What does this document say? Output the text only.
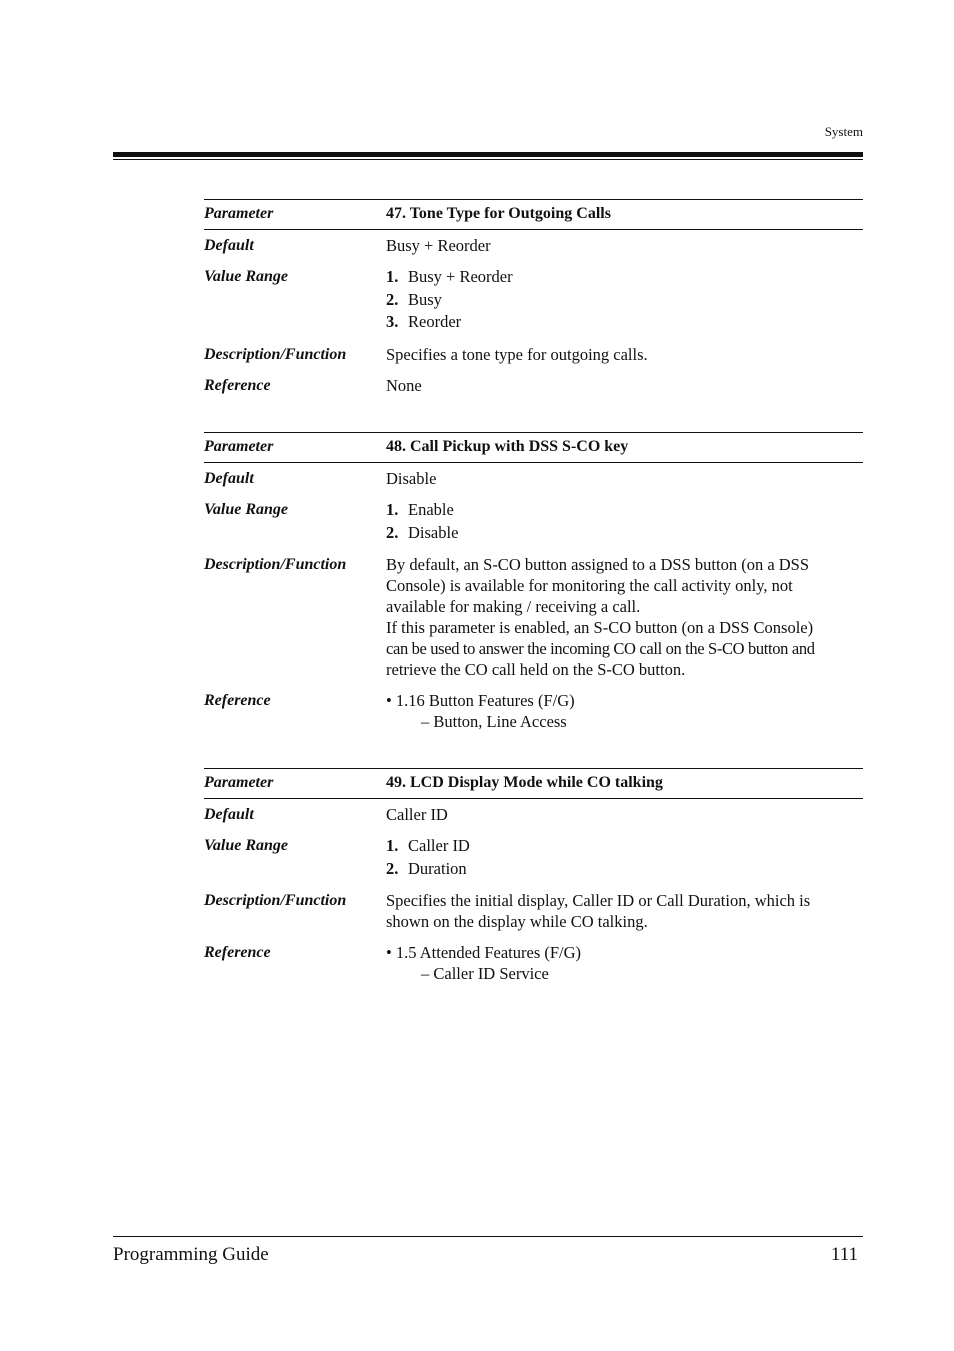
System
Parameter	47. Tone Type for Outgoing Calls
Default	Busy + Reorder
Value Range	1. Busy + Reorder
2. Busy
3. Reorder
Description/Function	Specifies a tone type for outgoing calls.
Reference	None
Parameter	48. Call Pickup with DSS S-CO key
Default	Disable
Value Range	1. Enable
2. Disable
Description/Function	By default, an S-CO button assigned to a DSS button (on a DSS
Console) is available for monitoring the call activity only, not
available for making / receiving a call.
If this parameter is enabled, an S-CO button (on a DSS Console)
can be used to answer the incoming CO call on the S-CO button and
retrieve the CO call held on the S-CO button.
Reference	• 1.16 Button Features (F/G)
– Button, Line Access
Parameter	49. LCD Display Mode while CO talking
Default	Caller ID
Value Range	1. Caller ID
2. Duration
Description/Function	Specifies the initial display, Caller ID or Call Duration, which is
shown on the display while CO talking.
Reference	• 1.5 Attended Features (F/G)
– Caller ID Service
Programming Guide	111
